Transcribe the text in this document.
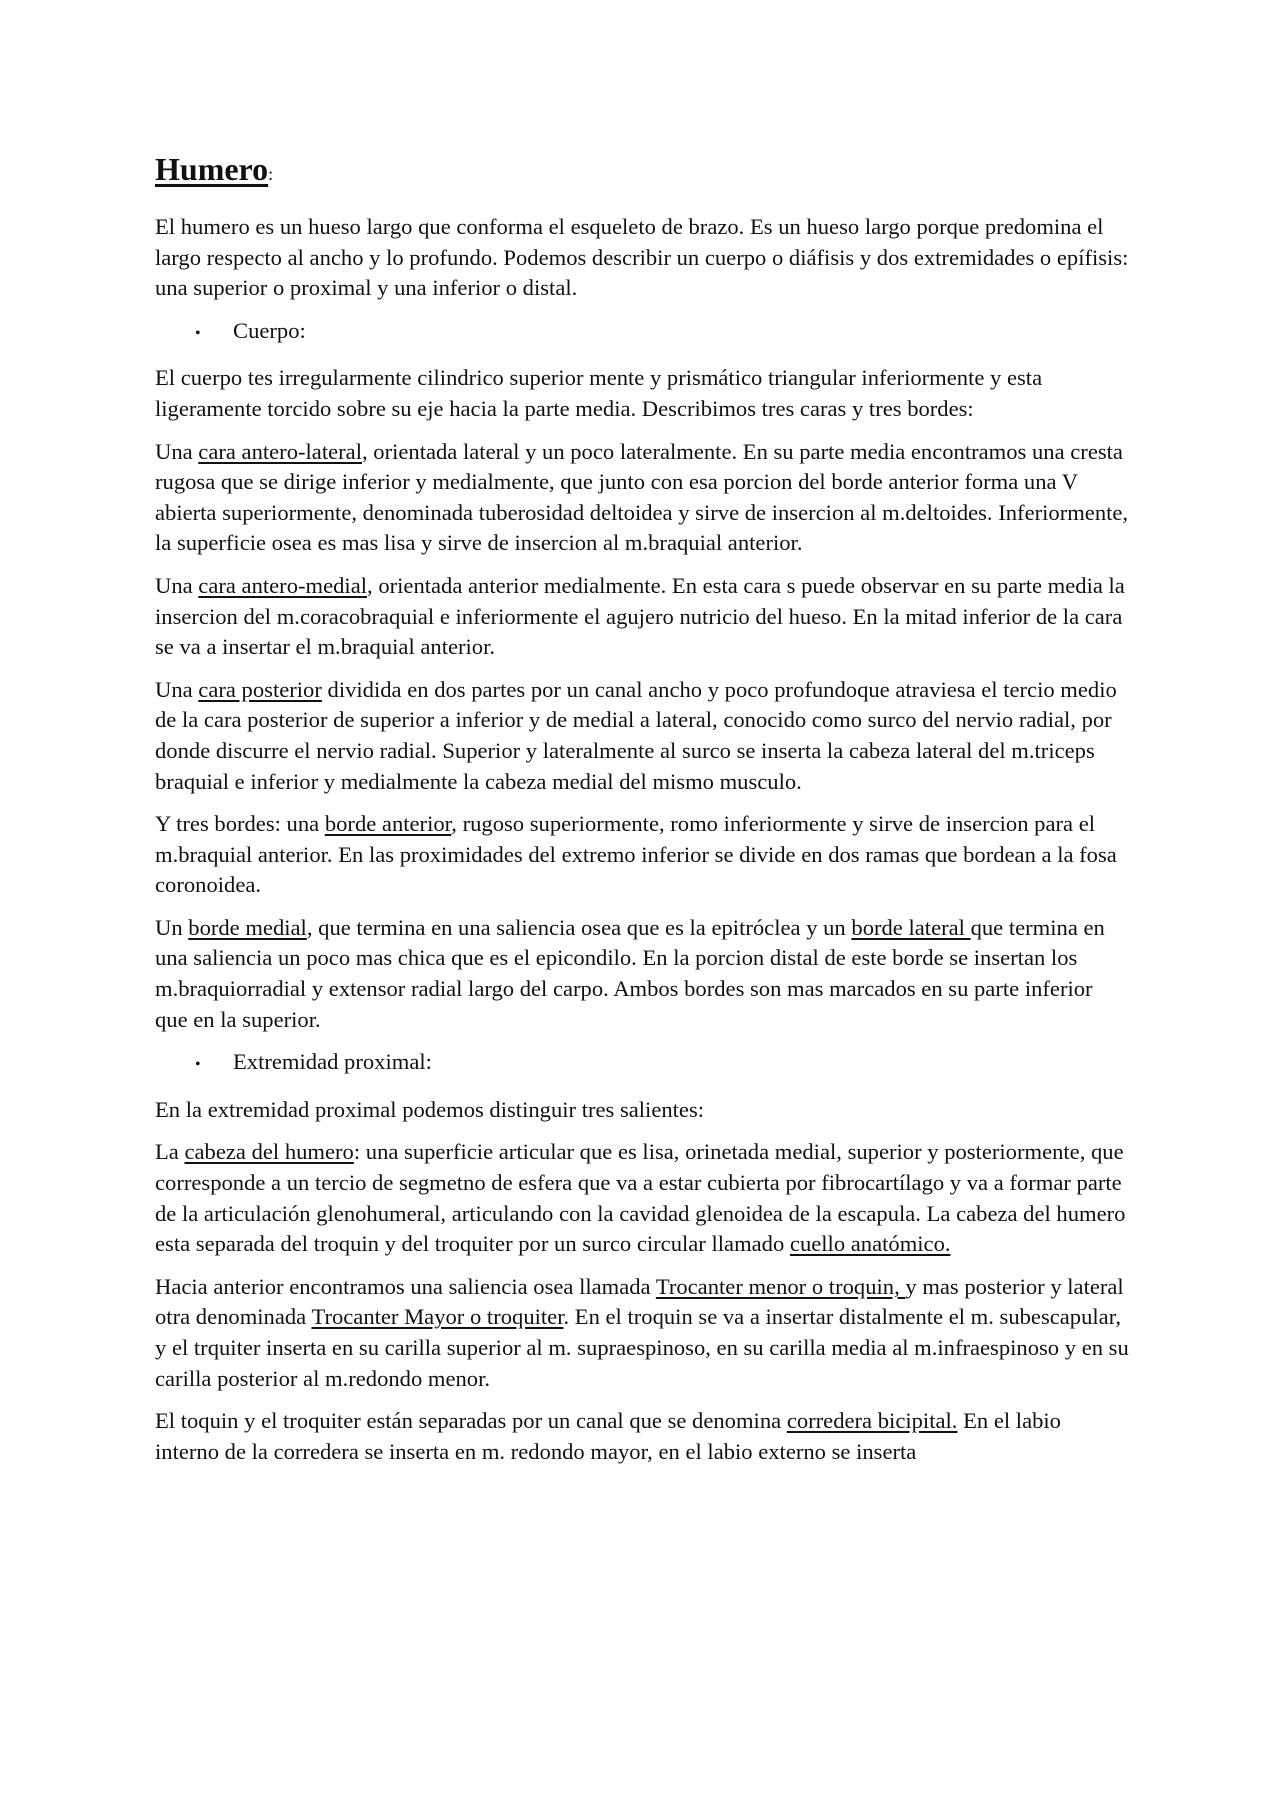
Humero:

El humero es un hueso largo que conforma el esqueleto de brazo. Es un hueso largo porque predomina el largo respecto al ancho y lo profundo. Podemos describir un cuerpo o diáfisis y dos extremidades o epífisis: una superior o proximal y una inferior o distal.

•	Cuerpo:

El cuerpo tes irregularmente cilindrico superior mente y prismático triangular inferiormente y esta ligeramente torcido sobre su eje hacia la parte media. Describimos tres caras y tres bordes:

Una cara antero-lateral, orientada lateral y un poco lateralmente. En su parte media encontramos una cresta rugosa que se dirige inferior y medialmente, que junto con esa porcion del borde anterior forma una V abierta superiormente, denominada tuberosidad deltoidea y sirve de insercion al m.deltoides. Inferiormente, la superficie osea es mas lisa y sirve de insercion al m.braquial anterior.

Una cara antero-medial, orientada anterior medialmente. En esta cara s puede observar en su parte media la insercion del m.coracobraquial e inferiormente el agujero nutricio del hueso. En la mitad inferior de la cara se va a insertar el m.braquial anterior.

Una cara posterior dividida en dos partes por un canal ancho y poco profundoque atraviesa el tercio medio de la cara posterior de superior a inferior y de medial a lateral, conocido como surco del nervio radial, por donde discurre el nervio radial. Superior y lateralmente al surco se inserta la cabeza lateral del m.triceps braquial e inferior y medialmente la cabeza medial del mismo musculo.

Y tres bordes: una borde anterior, rugoso superiormente, romo inferiormente y sirve de insercion para el m.braquial anterior. En las proximidades del extremo inferior se divide en dos ramas que bordean a la fosa coronoidea.

Un borde medial, que termina en una saliencia osea que es la epitróclea y un borde lateral que termina en una saliencia un poco mas chica que es el epicondilo. En la porcion distal de este borde se insertan los m.braquiorradial y extensor radial largo del carpo. Ambos bordes son mas marcados en su parte inferior que en la superior.

•	Extremidad proximal:

En la extremidad proximal podemos distinguir tres salientes:

La cabeza del humero: una superficie articular que es lisa, orinetada medial, superior y posteriormente, que corresponde a un tercio de segmetno de esfera que va a estar cubierta por fibrocartílago y va a formar parte de la articulación glenohumeral, articulando con la cavidad glenoidea de la escapula. La cabeza del humero esta separada del troquin y del troquiter por un surco circular llamado cuello anatómico.

Hacia anterior encontramos una saliencia osea llamada Trocanter menor o troquin, y mas posterior y lateral otra denominada Trocanter Mayor o troquiter. En el troquin se va a insertar distalmente el m. subescapular, y el trquiter inserta en su carilla superior al m. supraespinoso, en su carilla media al m.infraespinoso y en su carilla posterior al m.redondo menor.

El toquin y el troquiter están separadas por un canal que se denomina corredera bicipital. En el labio interno de la corredera se inserta en m. redondo mayor, en el labio externo se inserta
